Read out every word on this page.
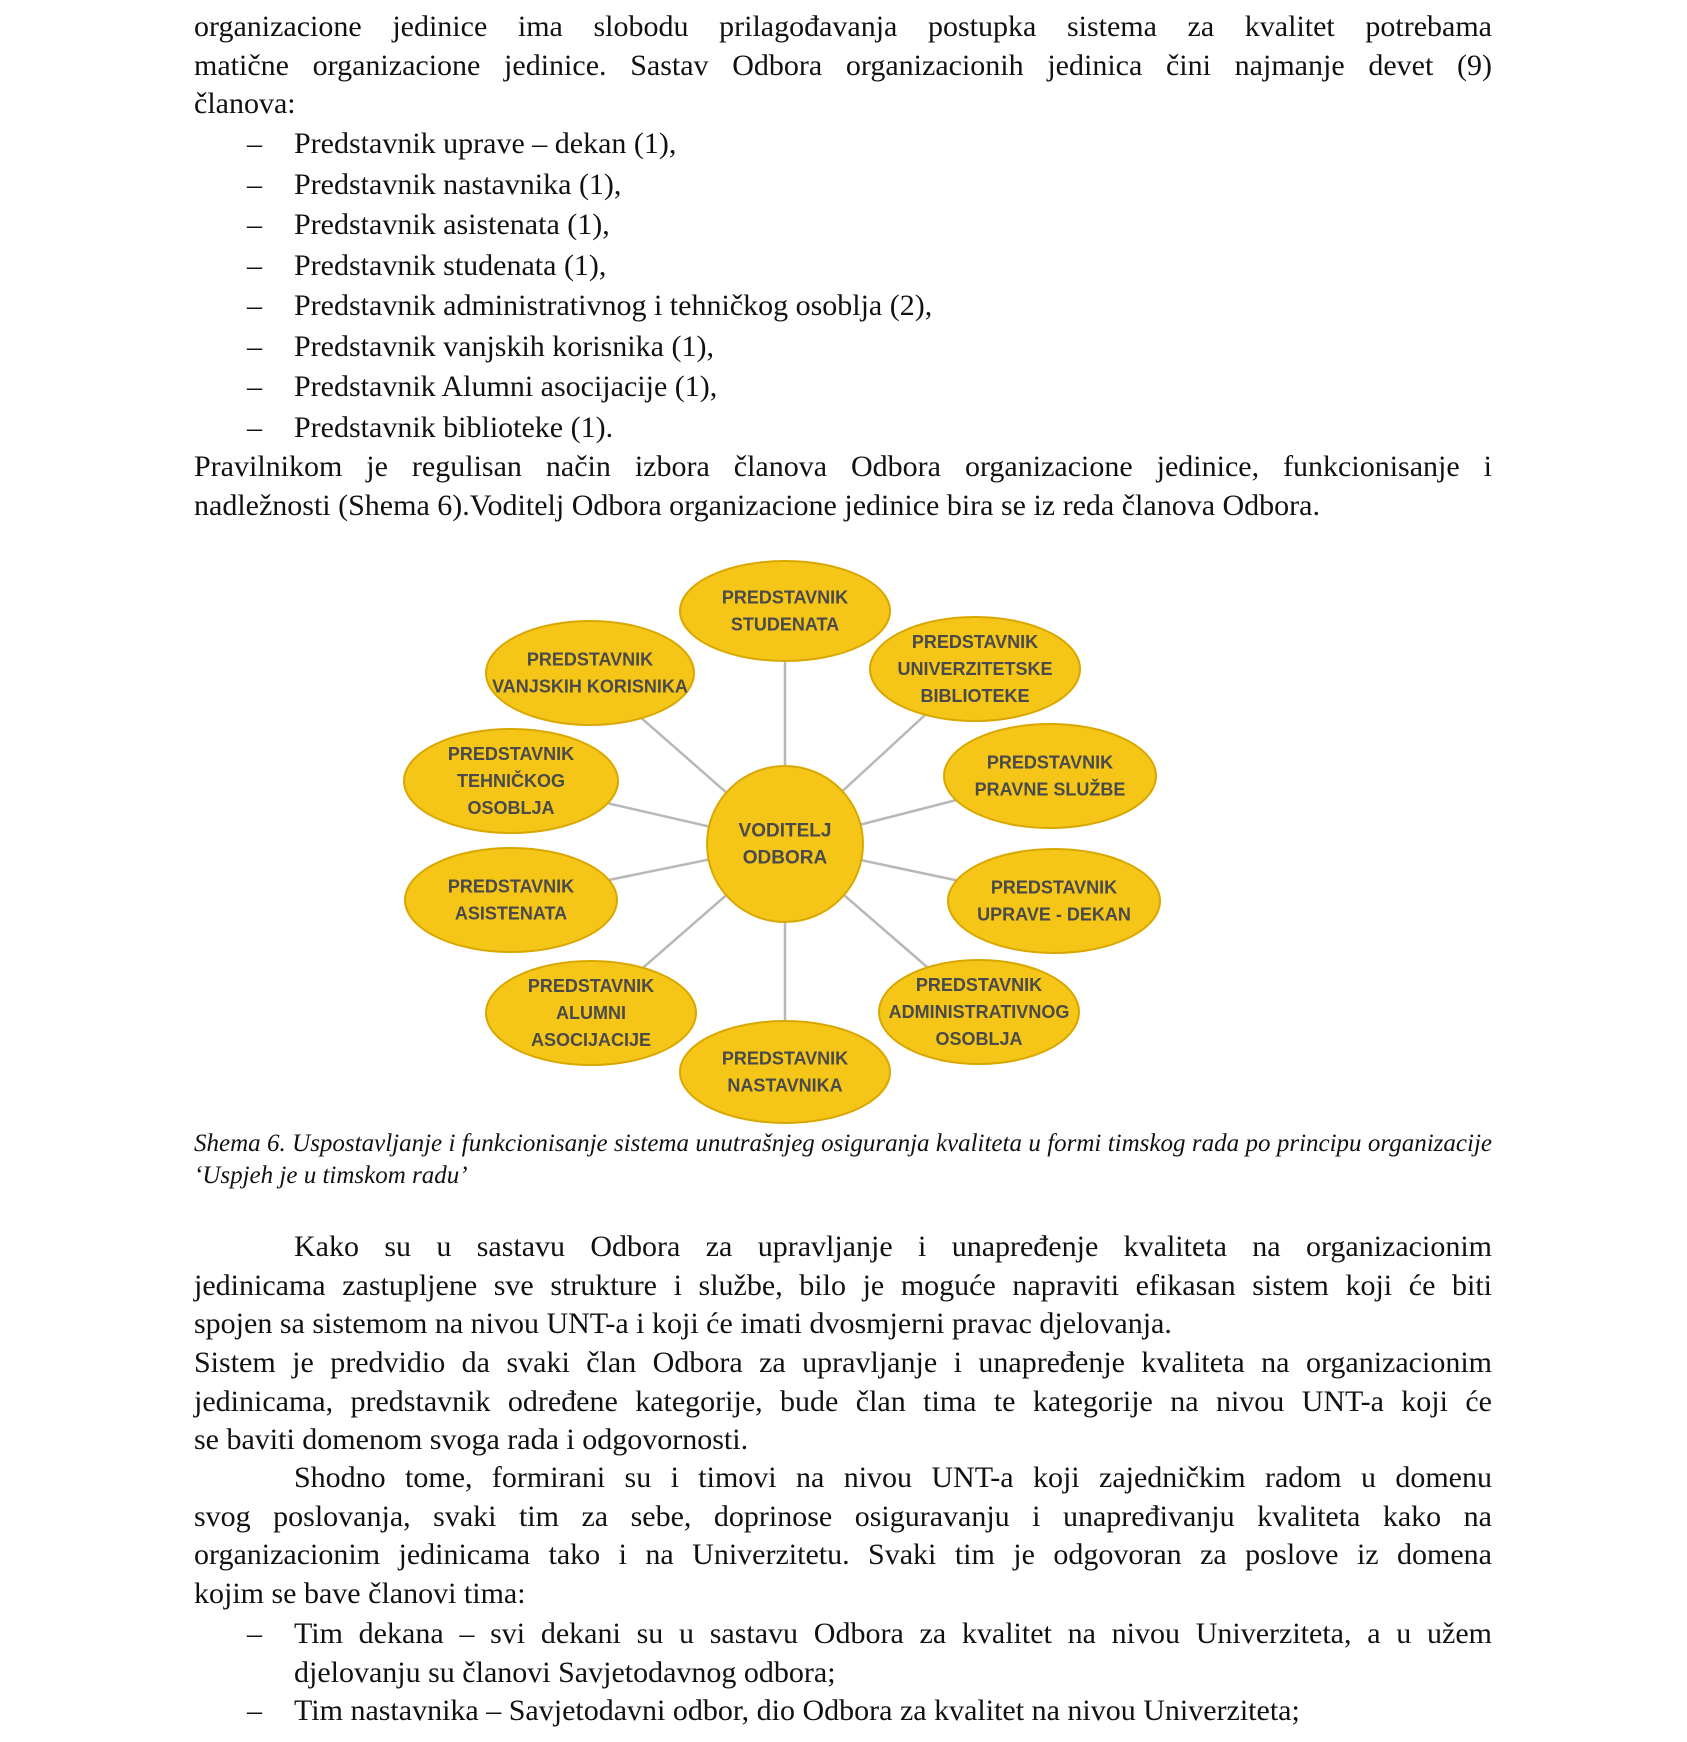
organizacione jedinice ima slobodu prilagođavanja postupka sistema za kvalitet potrebama
matične organizacione jedinice. Sastav Odbora organizacionih jedinica čini najmanje devet (9)
članova:
– Predstavnik uprave – dekan (1),
– Predstavnik nastavnika (1),
– Predstavnik asistenata (1),
– Predstavnik studenata (1),
– Predstavnik administrativnog i tehničkog osoblja (2),
– Predstavnik vanjskih korisnika (1),
– Predstavnik Alumni asocijacije (1),
– Predstavnik biblioteke (1).
Pravilnikom je regulisan način izbora članova Odbora organizacione jedinice, funkcionisanje i
nadležnosti (Shema 6).Voditelj Odbora organizacione jedinice bira se iz reda članova Odbora.
PREDSTAVNIK
STUDENATA
PREDSTAVNIK
UNIVERZITETSKE
BIBLIOTEKE
PREDSTAVNIK
PRAVNE SLUŽBE
PREDSTAVNIK
UPRAVE - DEKAN
PREDSTAVNIK
ADMINISTRATIVNOG
OSOBLJA
PREDSTAVNIK
NASTAVNIKA
PREDSTAVNIK
ALUMNI
ASOCIJACIJE
PREDSTAVNIK
ASISTENATA
PREDSTAVNIK
TEHNIČKOG
OSOBLJA
PREDSTAVNIK
VANJSKIH KORISNIKA
VODITELJ
ODBORA

Shema 6. Uspostavljanje i funkcionisanje sistema unutrašnjeg osiguranja kvaliteta u formi timskog rada po principu organizacije ‘Uspjeh je u timskom radu’

Kako su u sastavu Odbora za upravljanje i unapređenje kvaliteta na organizacionim
jedinicama zastupljene sve strukture i službe, bilo je moguće napraviti efikasan sistem koji će biti
spojen sa sistemom na nivou UNT-a i koji će imati dvosmjerni pravac djelovanja.
Sistem je predvidio da svaki član Odbora za upravljanje i unapređenje kvaliteta na organizacionim
jedinicama, predstavnik određene kategorije, bude član tima te kategorije na nivou UNT-a koji će
se baviti domenom svoga rada i odgovornosti.
Shodno tome, formirani su i timovi na nivou UNT-a koji zajedničkim radom u domenu
svog poslovanja, svaki tim za sebe, doprinose osiguravanju i unapređivanju kvaliteta kako na
organizacionim jedinicama tako i na Univerzitetu. Svaki tim je odgovoran za poslove iz domena
kojim se bave članovi tima:
– Tim dekana – svi dekani su u sastavu Odbora za kvalitet na nivou Univerziteta, a u užem djelovanju su članovi Savjetodavnog odbora;
– Tim nastavnika – Savjetodavni odbor, dio Odbora za kvalitet na nivou Univerziteta;
